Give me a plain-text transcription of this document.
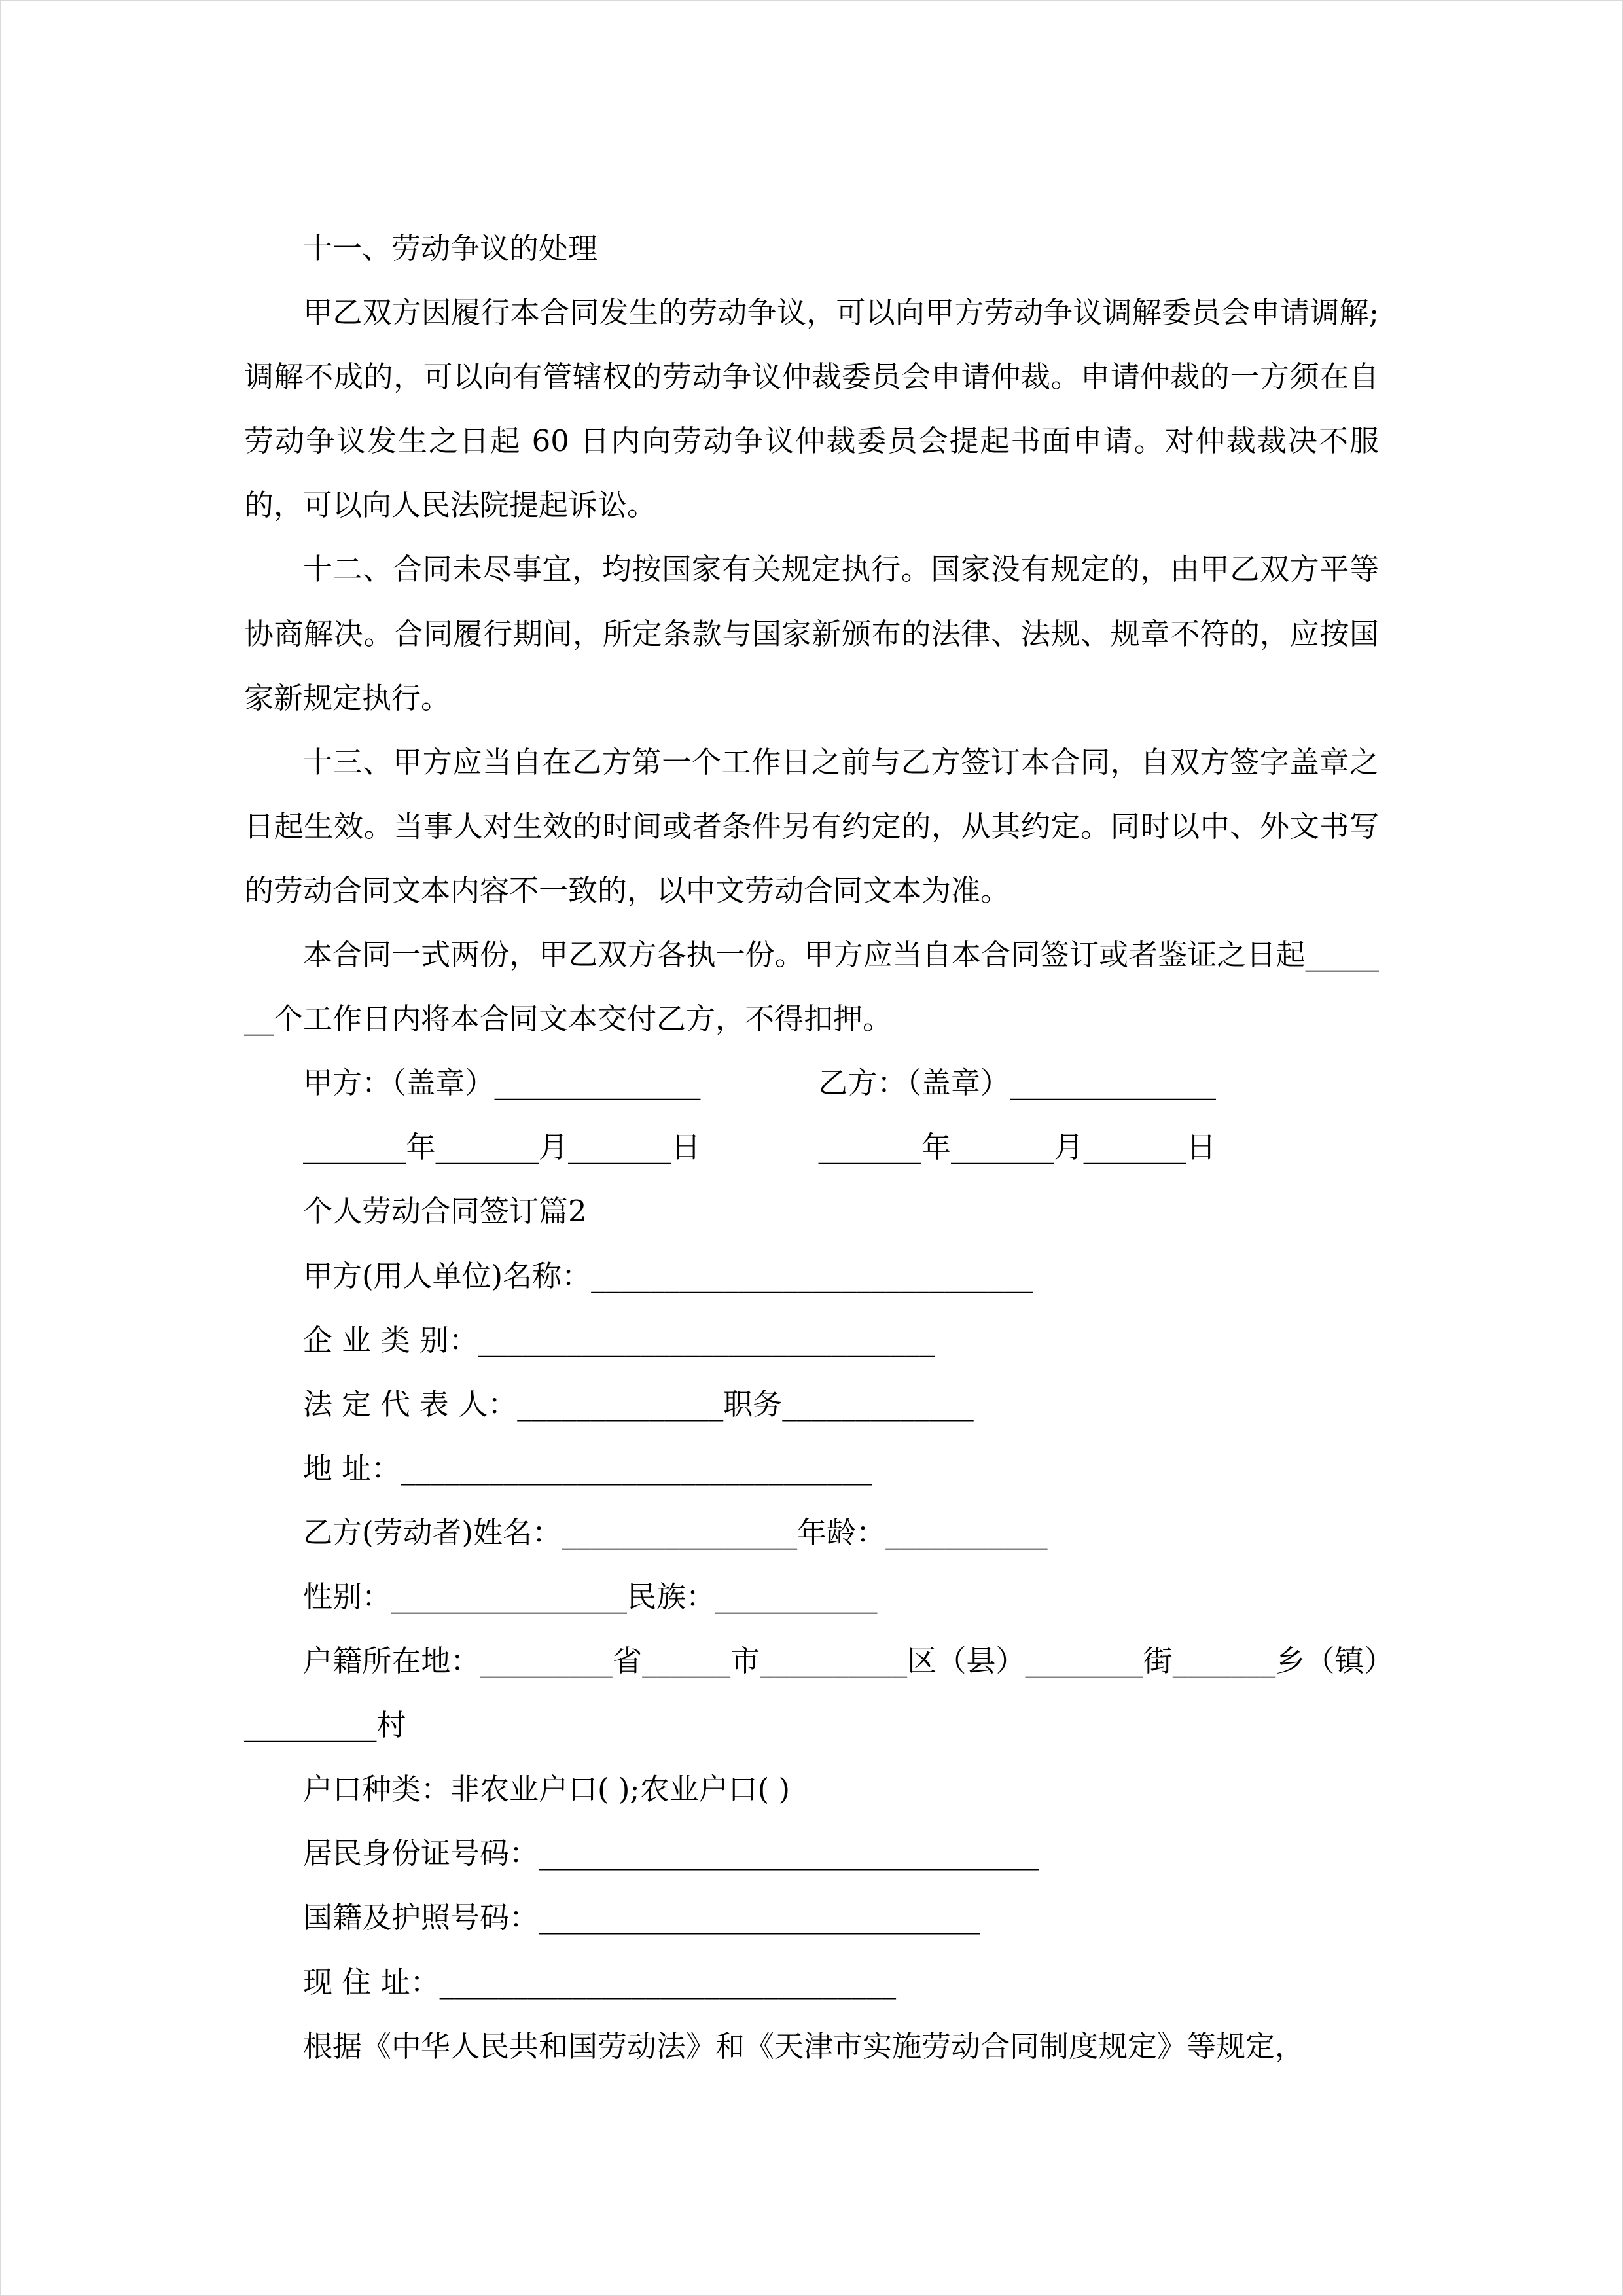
十一、劳动争议的处理

甲乙双方因履行本合同发生的劳动争议，可以向甲方劳动争议调解委员会申请调解;调解不成的，可以向有管辖权的劳动争议仲裁委员会申请仲裁。申请仲裁的一方须在自劳动争议发生之日起 60 日内向劳动争议仲裁委员会提起书面申请。对仲裁裁决不服的，可以向人民法院提起诉讼。

十二、合同未尽事宜，均按国家有关规定执行。国家没有规定的，由甲乙双方平等协商解决。合同履行期间，所定条款与国家新颁布的法律、法规、规章不符的，应按国家新规定执行。

十三、甲方应当自在乙方第一个工作日之前与乙方签订本合同，自双方签字盖章之日起生效。当事人对生效的时间或者条件另有约定的，从其约定。同时以中、外文书写的劳动合同文本内容不一致的，以中文劳动合同文本为准。

本合同一式两份，甲乙双方各执一份。甲方应当自本合同签订或者鉴证之日起_______个工作日内将本合同文本交付乙方，不得扣押。

甲方：（盖章）______________　　　　乙方：（盖章）______________

_______年_______月_______日　　　　_______年_______月_______日

个人劳动合同签订篇2

甲方(用人单位)名称：______________________________

企 业 类 别：_______________________________

法 定 代 表 人：______________职务_____________

地 址：________________________________

乙方(劳动者)姓名：________________年龄：___________

性别：________________民族：___________

户籍所在地：_________省______市__________区（县）________街_______乡（镇）_________村

户口种类：非农业户口( );农业户口( )

居民身份证号码：__________________________________

国籍及护照号码：______________________________

现 住 址：_______________________________

根据《中华人民共和国劳动法》和《天津市实施劳动合同制度规定》等规定，
